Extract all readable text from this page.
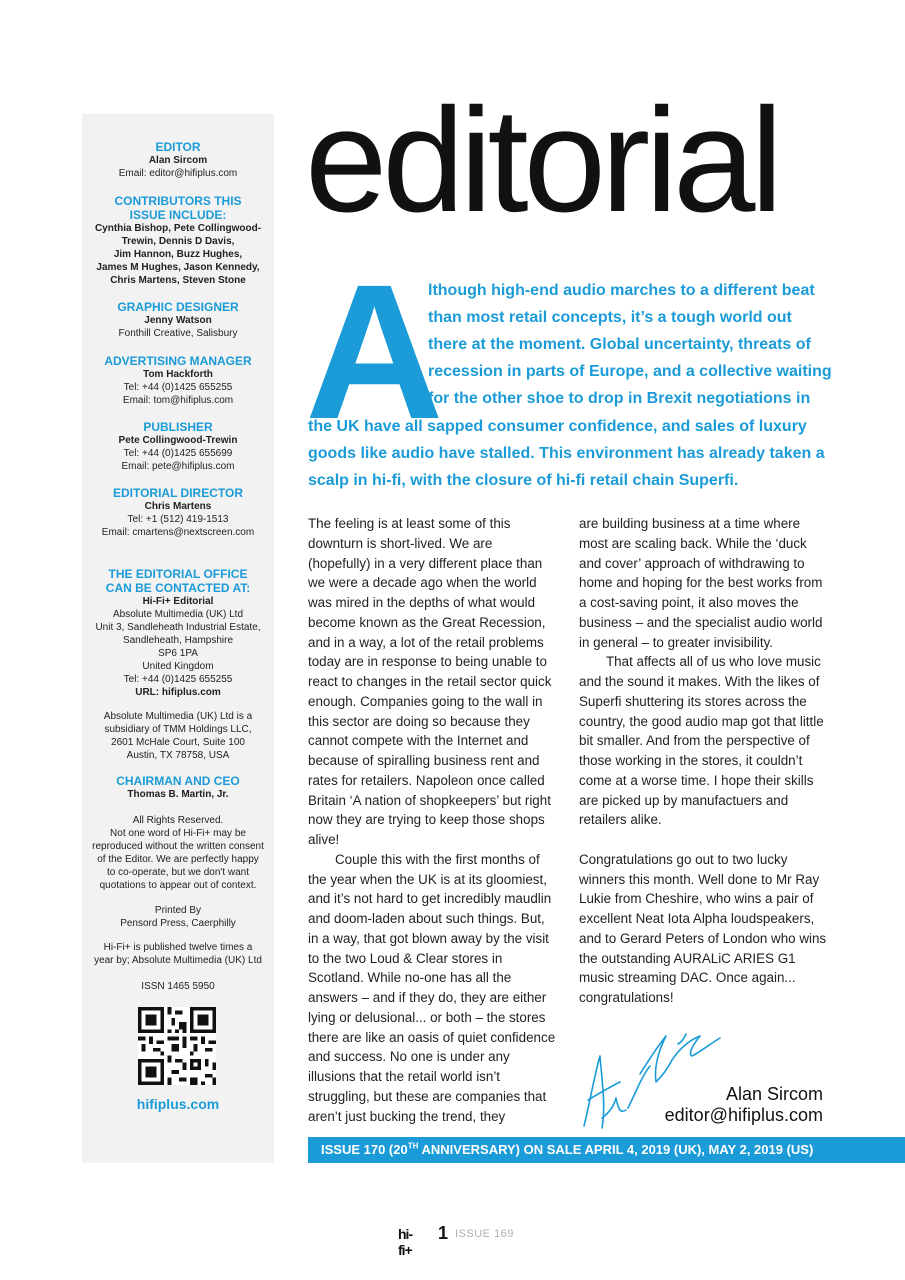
EDITOR
Alan Sircom
Email: editor@hifiplus.com
CONTRIBUTORS THIS
ISSUE INCLUDE:
Cynthia Bishop, Pete Collingwood-
Trewin, Dennis D Davis,
Jim Hannon, Buzz Hughes,
James M Hughes, Jason Kennedy,
Chris Martens, Steven Stone
GRAPHIC DESIGNER
Jenny Watson
Fonthill Creative, Salisbury
ADVERTISING MANAGER
Tom Hackforth
Tel: +44 (0)1425 655255
Email: tom@hifiplus.com
PUBLISHER
Pete Collingwood-Trewin
Tel: +44 (0)1425 655699
Email: pete@hifiplus.com
EDITORIAL DIRECTOR
Chris Martens
Tel: +1 (512) 419-1513
Email: cmartens@nextscreen.com
THE EDITORIAL OFFICE
CAN BE CONTACTED AT:
Hi-Fi+ Editorial
Absolute Multimedia (UK) Ltd
Unit 3, Sandleheath Industrial Estate,
Sandleheath, Hampshire
SP6 1PA
United Kingdom
Tel: +44 (0)1425 655255
URL: hifiplus.com
Absolute Multimedia (UK) Ltd is a
subsidiary of TMM Holdings LLC,
2601 McHale Court, Suite 100
Austin, TX 78758, USA
CHAIRMAN AND CEO
Thomas B. Martin, Jr.
All Rights Reserved.
Not one word of Hi-Fi+ may be
reproduced without the written consent
of the Editor. We are perfectly happy
to co-operate, but we don't want
quotations to appear out of context.
Printed By
Pensord Press, Caerphilly
Hi-Fi+ is published twelve times a
year by; Absolute Multimedia (UK) Ltd
ISSN 1465 5950
hifiplus.com
editorial
A
lthough high-end audio marches to a different beat
than most retail concepts, it’s a tough world out
there at the moment. Global uncertainty, threats of
recession in parts of Europe, and a collective waiting
for the other shoe to drop in Brexit negotiations in
the UK have all sapped consumer confidence, and sales of luxury
goods like audio have stalled. This environment has already taken a
scalp in hi-fi, with the closure of hi-fi retail chain Superfi.

The feeling is at least some of this downturn is short-lived. We are (hopefully) in a very different place than we were a decade ago when the world was mired in the depths of what would become known as the Great Recession, and in a way, a lot of the retail problems today are in response to being unable to react to changes in the retail sector quick enough. Companies going to the wall in this sector are doing so because they cannot compete with the Internet and because of spiralling business rent and rates for retailers. Napoleon once called Britain ‘A nation of shopkeepers’ but right now they are trying to keep those shops alive!

Couple this with the first months of the year when the UK is at its gloomiest, and it’s not hard to get incredibly maudlin and doom-laden about such things. But, in a way, that got blown away by the visit to the two Loud & Clear stores in Scotland. While no-one has all the answers – and if they do, they are either lying or delusional... or both – the stores there are like an oasis of quiet confidence and success. No one is under any illusions that the retail world isn’t struggling, but these are companies that aren’t just bucking the trend, they

are building business at a time where most are scaling back. While the ‘duck and cover’ approach of withdrawing to home and hoping for the best works from a cost-saving point, it also moves the business – and the specialist audio world in general – to greater invisibility.

That affects all of us who love music and the sound it makes. With the likes of Superfi shuttering its stores across the country, the good audio map got that little bit smaller. And from the perspective of those working in the stores, it couldn’t come at a worse time. I hope their skills are picked up by manufactuers and retailers alike.

Congratulations go out to two lucky winners this month. Well done to Mr Ray Lukie from Cheshire, who wins a pair of excellent Neat Iota Alpha loudspeakers, and to Gerard Peters of London who wins the outstanding AURALiC ARIES G1 music streaming DAC. Once again... congratulations!

Alan Sircom
editor@hifiplus.com
ISSUE 170 (20TH ANNIVERSARY) ON SALE APRIL 4, 2019 (UK), MAY 2, 2019 (US)
hi-fi+
1 ISSUE 169
